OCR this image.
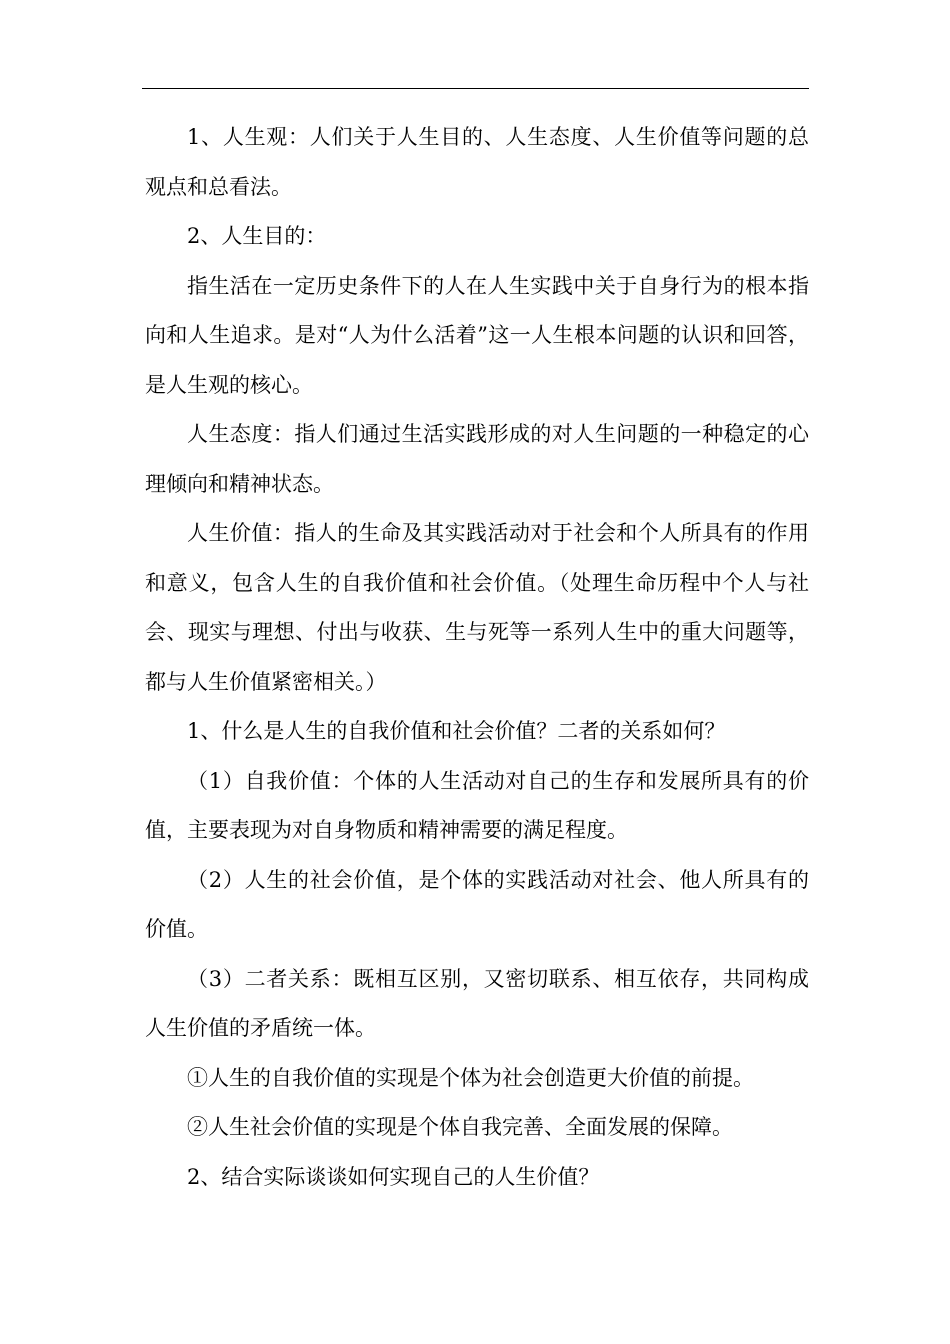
1、人生观：人们关于人生目的、人生态度、人生价值等问题的总观点和总看法。

2、人生目的：

指生活在一定历史条件下的人在人生实践中关于自身行为的根本指向和人生追求。是对“人为什么活着”这一人生根本问题的认识和回答，是人生观的核心。

人生态度：指人们通过生活实践形成的对人生问题的一种稳定的心理倾向和精神状态。

人生价值：指人的生命及其实践活动对于社会和个人所具有的作用和意义，包含人生的自我价值和社会价值。（处理生命历程中个人与社会、现实与理想、付出与收获、生与死等一系列人生中的重大问题等，都与人生价值紧密相关。）

1、什么是人生的自我价值和社会价值？二者的关系如何？

（1）自我价值：个体的人生活动对自己的生存和发展所具有的价值，主要表现为对自身物质和精神需要的满足程度。

（2）人生的社会价值，是个体的实践活动对社会、他人所具有的价值。

（3）二者关系：既相互区别，又密切联系、相互依存，共同构成人生价值的矛盾统一体。

①人生的自我价值的实现是个体为社会创造更大价值的前提。

②人生社会价值的实现是个体自我完善、全面发展的保障。

2、结合实际谈谈如何实现自己的人生价值？
